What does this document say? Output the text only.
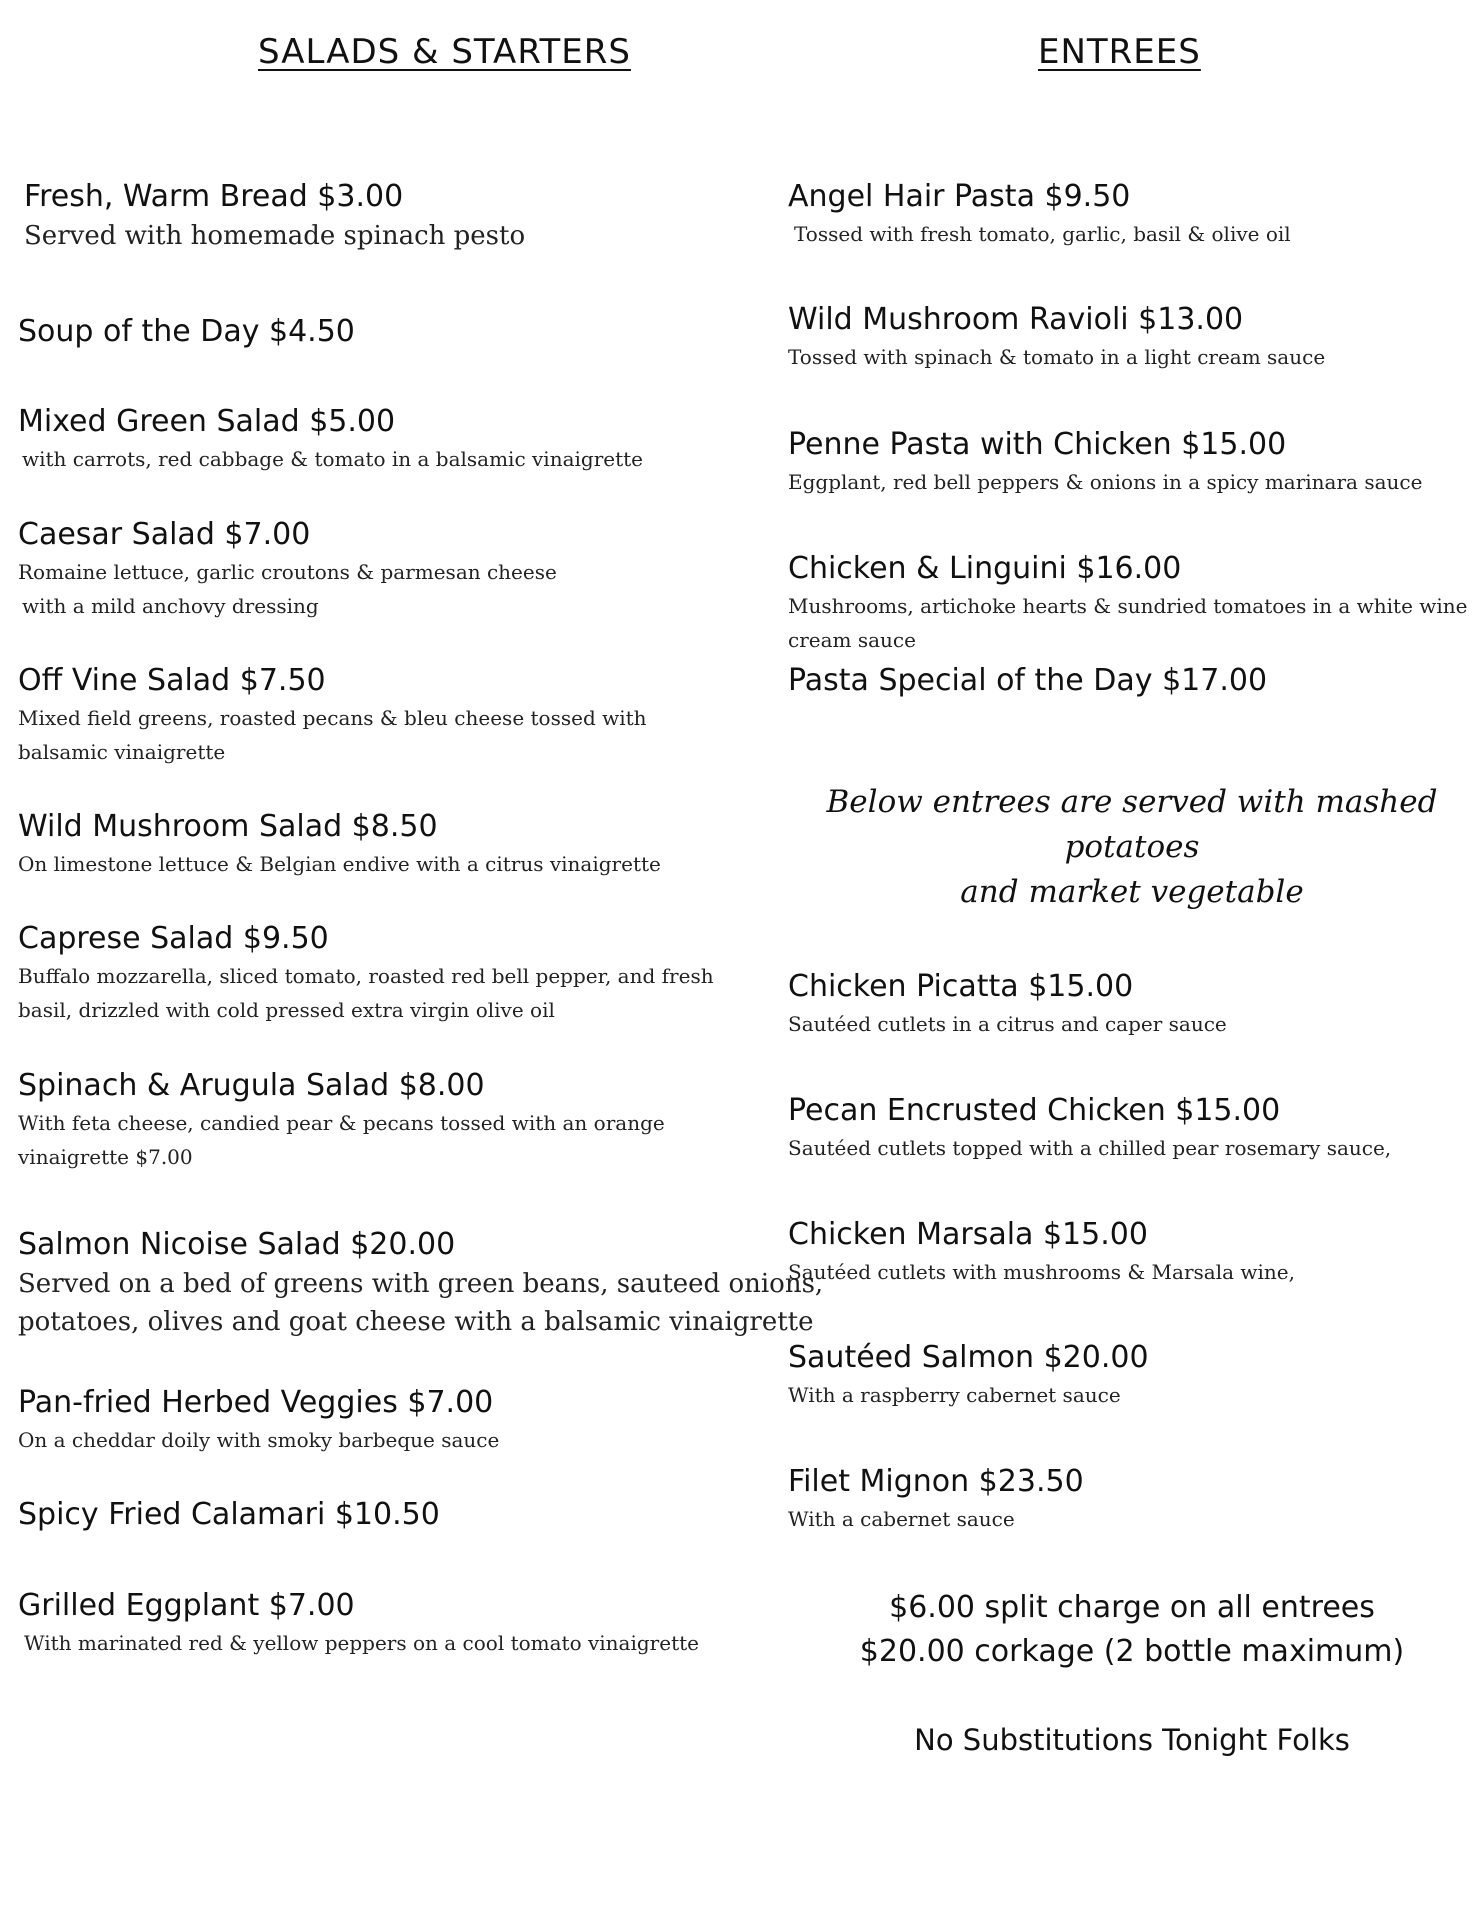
SALADS & STARTERS	ENTREES
Fresh, Warm Bread $3.00
Served with homemade spinach pesto
Soup of the Day $4.50
Mixed Green Salad $5.00
with carrots, red cabbage & tomato in a balsamic vinaigrette
Caesar Salad $7.00
Romaine lettuce, garlic croutons & parmesan cheese
with a mild anchovy dressing
Off Vine Salad $7.50
Mixed field greens, roasted pecans & bleu cheese tossed with
balsamic vinaigrette
Wild Mushroom Salad $8.50
On limestone lettuce & Belgian endive with a citrus vinaigrette
Caprese Salad $9.50
Buffalo mozzarella, sliced tomato, roasted red bell pepper, and fresh
basil, drizzled with cold pressed extra virgin olive oil
Spinach & Arugula Salad $8.00
With feta cheese, candied pear & pecans tossed with an orange
vinaigrette $7.00
Salmon Nicoise Salad $20.00
Served on a bed of greens with green beans, sauteed onions,
potatoes, olives and goat cheese with a balsamic vinaigrette
Pan-fried Herbed Veggies $7.00
On a cheddar doily with smoky barbeque sauce
Spicy Fried Calamari $10.50
Grilled Eggplant $7.00
With marinated red & yellow peppers on a cool tomato vinaigrette
Angel Hair Pasta $9.50
Tossed with fresh tomato, garlic, basil & olive oil
Wild Mushroom Ravioli $13.00
Tossed with spinach & tomato in a light cream sauce
Penne Pasta with Chicken $15.00
Eggplant, red bell peppers & onions in a spicy marinara sauce
Chicken & Linguini $16.00
Mushrooms, artichoke hearts & sundried tomatoes in a white wine
cream sauce
Pasta Special of the Day $17.00
Below entrees are served with mashed
potatoes
and market vegetable
Chicken Picatta $15.00
Sautéed cutlets in a citrus and caper sauce
Pecan Encrusted Chicken $15.00
Sautéed cutlets topped with a chilled pear rosemary sauce,
Chicken Marsala $15.00
Sautéed cutlets with mushrooms & Marsala wine,
Sautéed Salmon $20.00
With a raspberry cabernet sauce
Filet Mignon $23.50
With a cabernet sauce
$6.00 split charge on all entrees
$20.00 corkage (2 bottle maximum)
No Substitutions Tonight Folks
